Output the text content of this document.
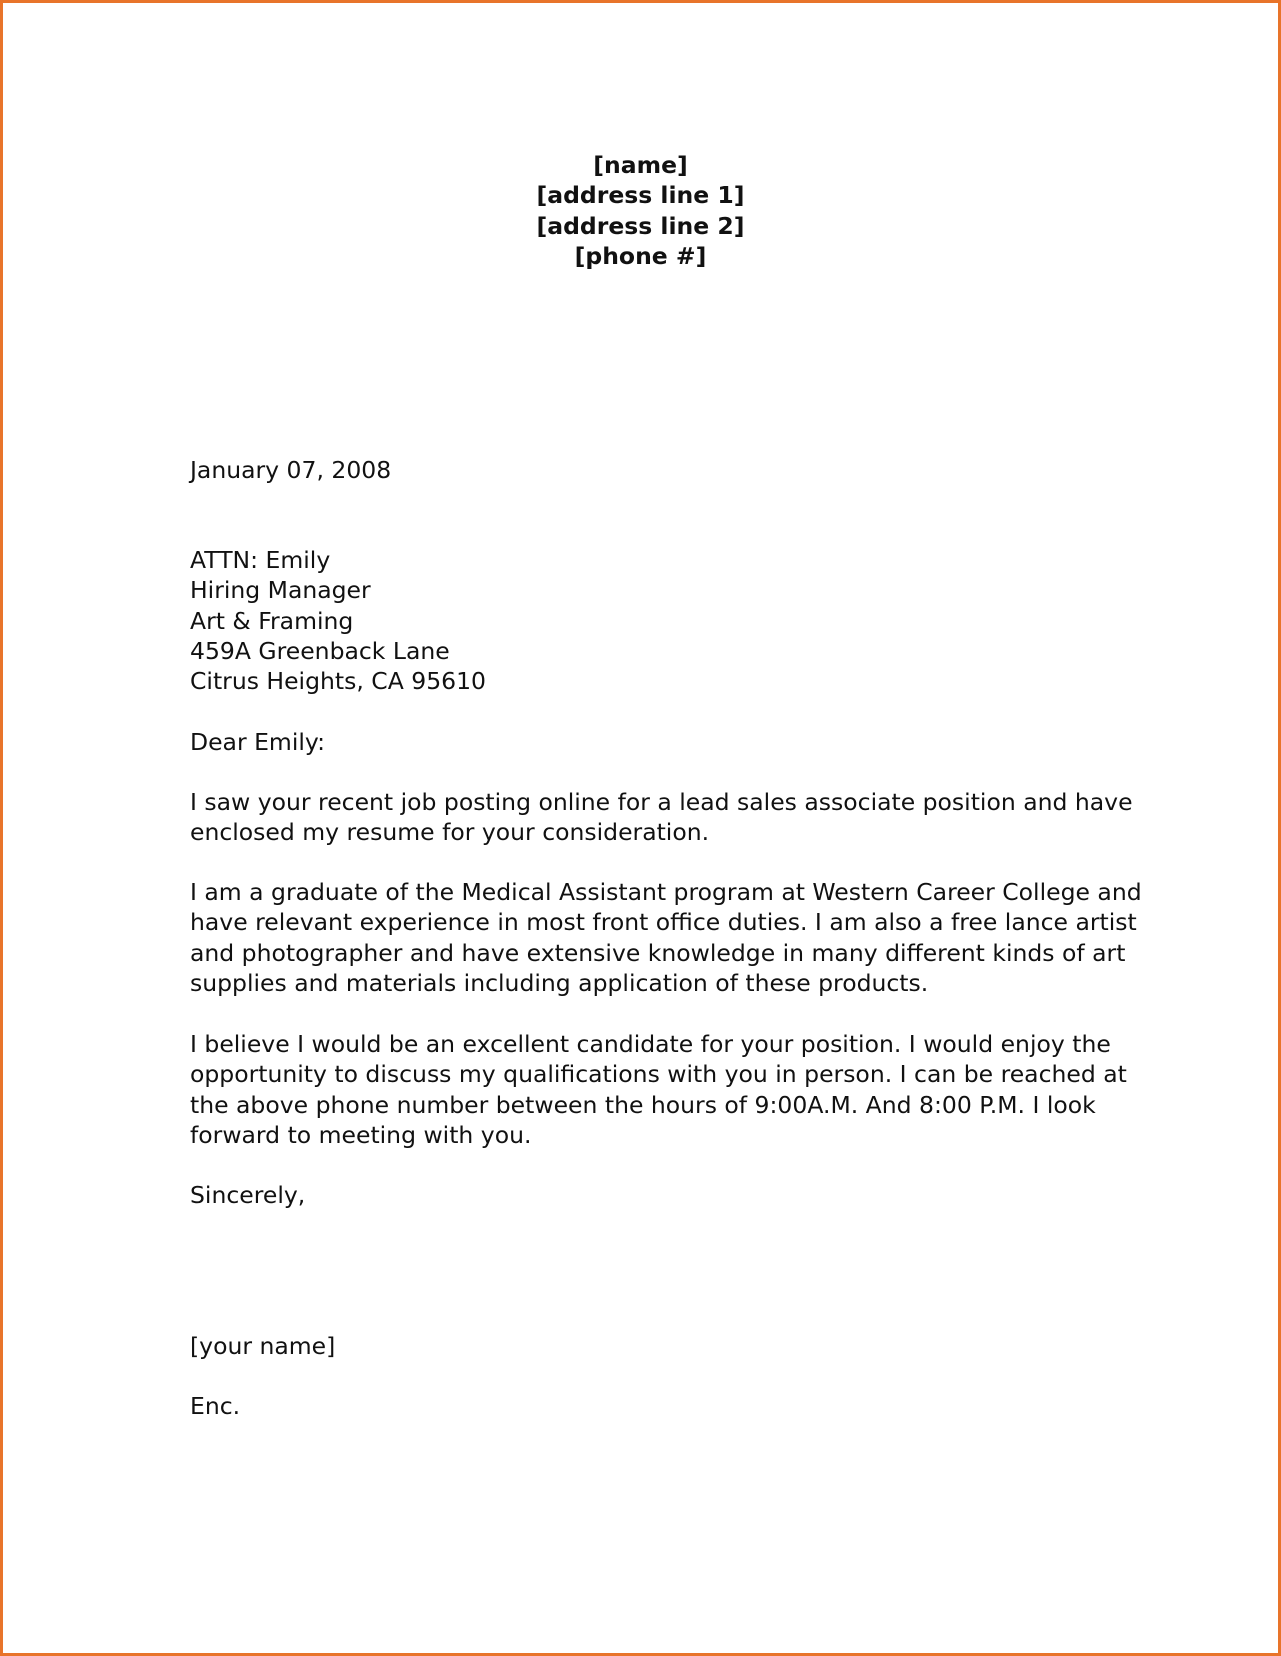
[name]
[address line 1]
[address line 2]
[phone #]
January 07, 2008
ATTN: Emily
Hiring Manager
Art & Framing
459A Greenback Lane
Citrus Heights, CA 95610
Dear Emily:

I saw your recent job posting online for a lead sales associate position and have
enclosed my resume for your consideration.

I am a graduate of the Medical Assistant program at Western Career College and
have relevant experience in most front office duties. I am also a free lance artist
and photographer and have extensive knowledge in many different kinds of art
supplies and materials including application of these products.

I believe I would be an excellent candidate for your position. I would enjoy the
opportunity to discuss my qualifications with you in person. I can be reached at
the above phone number between the hours of 9:00A.M. And 8:00 P.M. I look
forward to meeting with you.

Sincerely,
[your name]
Enc.
